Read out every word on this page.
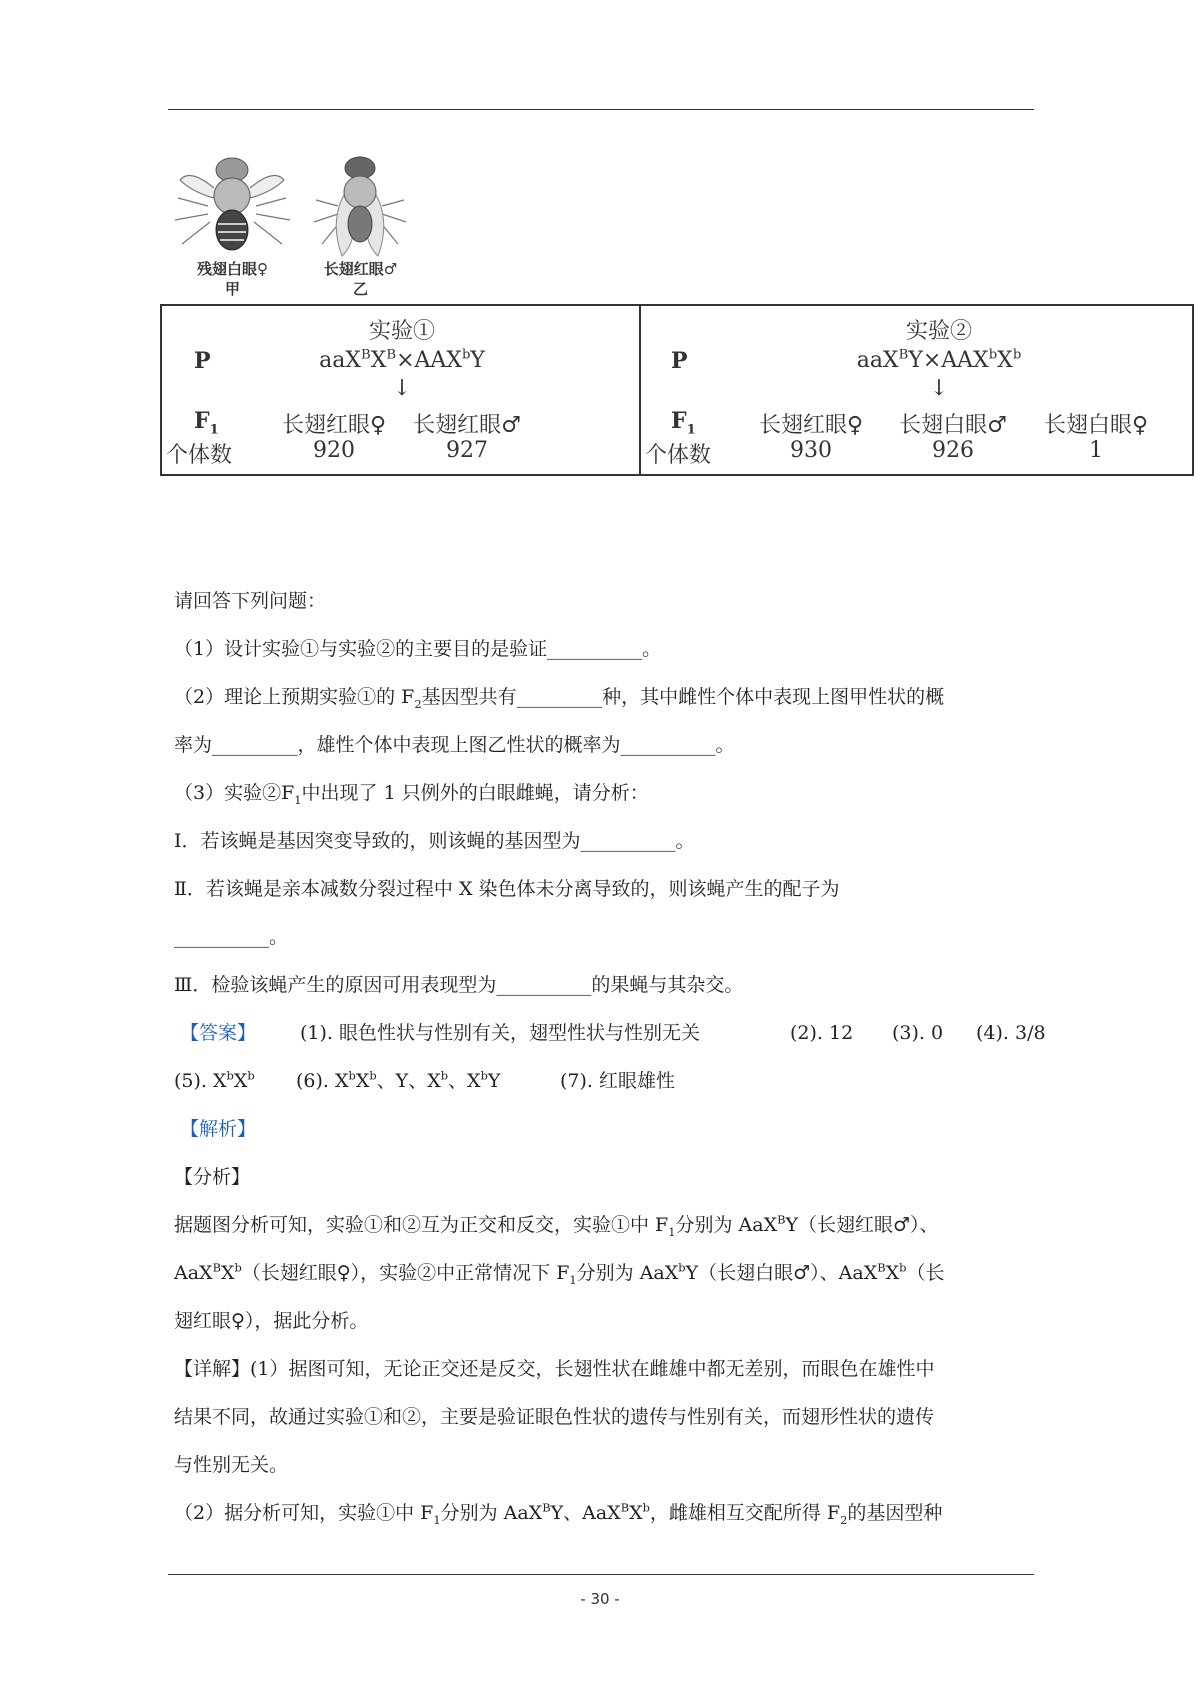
残翅白眼♀
甲
长翅红眼♂
乙
实验①
P	$aaX^BX^B\times AAX^bY$
↓
$F_1$	长翅红眼♀ 长翅红眼♂
个体数	920	927
实验②
P	$aaX^BY\times AAX^bX^b$
↓
$F_1$	长翅红眼♀ 长翅白眼♂ 长翅白眼♀
个体数	930	926	1
请回答下列问题：
（1）设计实验①与实验②的主要目的是验证__________。
（2）理论上预期实验①的 $F_2$基因型共有_________种，其中雌性个体中表现上图甲性状的概
率为_________，雄性个体中表现上图乙性状的概率为__________。
（3）实验$②F_1$中出现了 1 只例外的白眼雌蝇，请分析：
Ⅰ．若该蝇是基因突变导致的，则该蝇的基因型为__________。
Ⅱ．若该蝇是亲本减数分裂过程中 X 染色体未分离导致的，则该蝇产生的配子为
__________。
Ⅲ．检验该蝇产生的原因可用表现型为__________的果蝇与其杂交。
【答案】 (1). 眼色性状与性别有关，翅型性状与性别无关	(2). 12 (3). 0 (4). 3/8
(5). $X^bX^b$ (6). $X^bX^b$、Y、$X^b$、$X^bY$	(7). 红眼雄性
【解析】
【分析】
据题图分析可知，实验①和②互为正交和反交，实验①中 $F_1$分别为 AaX$^B$Y（长翅红眼♂）、
$AaX^BX^b$（长翅红眼♀），实验②中正常情况下 $F_1$分别为 AaX$^b$Y（长翅白眼♂）、$AaX^BX^b$（长
翅红眼♀），据此分析。
【详解】(1）据图可知，无论正交还是反交，长翅性状在雌雄中都无差别，而眼色在雄性中
结果不同，故通过实验①和②，主要是验证眼色性状的遗传与性别有关，而翅形性状的遗传
与性别无关。
（2）据分析可知，实验①中 $F_1$分别为 AaX$^B$Y、$AaX^BX^b$，雌雄相互交配所得 $F_2$的基因型种
- 30 -
